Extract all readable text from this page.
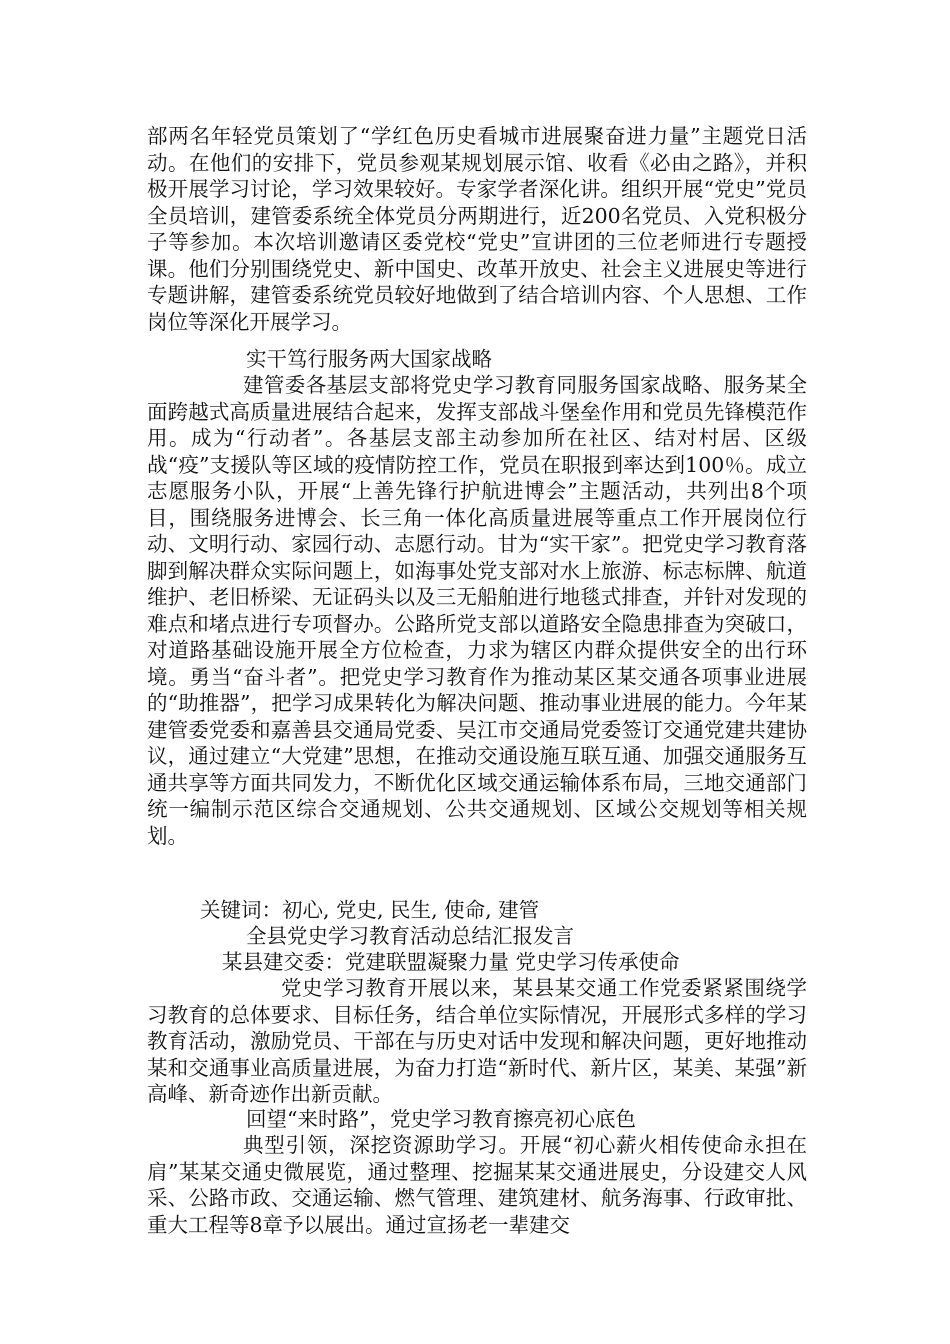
部两名年轻党员策划了“学红色历史看城市进展聚奋进力量”主题党日活动。在他们的安排下，党员参观某规划展示馆、收看《必由之路》，并积极开展学习讨论，学习效果较好。专家学者深化讲。组织开展“党史”党员全员培训，建管委系统全体党员分两期进行，近200名党员、入党积极分子等参加。本次培训邀请区委党校“党史”宣讲团的三位老师进行专题授课。他们分别围绕党史、新中国史、改革开放史、社会主义进展史等进行专题讲解，建管委系统党员较好地做到了结合培训内容、个人思想、工作岗位等深化开展学习。

实干笃行服务两大国家战略

建管委各基层支部将党史学习教育同服务国家战略、服务某全面跨越式高质量进展结合起来，发挥支部战斗堡垒作用和党员先锋模范作用。成为“行动者”。各基层支部主动参加所在社区、结对村居、区级战“疫”支援队等区域的疫情防控工作，党员在职报到率达到100％。成立志愿服务小队，开展“上善先锋行护航进博会”主题活动，共列出8个项目，围绕服务进博会、长三角一体化高质量进展等重点工作开展岗位行动、文明行动、家园行动、志愿行动。甘为“实干家”。把党史学习教育落脚到解决群众实际问题上，如海事处党支部对水上旅游、标志标牌、航道维护、老旧桥梁、无证码头以及三无船舶进行地毯式排查，并针对发现的难点和堵点进行专项督办。公路所党支部以道路安全隐患排查为突破口，对道路基础设施开展全方位检查，力求为辖区内群众提供安全的出行环境。勇当“奋斗者”。把党史学习教育作为推动某区某交通各项事业进展的“助推器”，把学习成果转化为解决问题、推动事业进展的能力。今年某建管委党委和嘉善县交通局党委、吴江市交通局党委签订交通党建共建协议，通过建立“大党建”思想，在推动交通设施互联互通、加强交通服务互通共享等方面共同发力，不断优化区域交通运输体系布局，三地交通部门统一编制示范区综合交通规划、公共交通规划、区域公交规划等相关规划。

关键词：初心, 党史, 民生, 使命, 建管
全县党史学习教育活动总结汇报发言
某县建交委：党建联盟凝聚力量 党史学习传承使命

党史学习教育开展以来，某县某交通工作党委紧紧围绕学习教育的总体要求、目标任务，结合单位实际情况，开展形式多样的学习教育活动，激励党员、干部在与历史对话中发现和解决问题，更好地推动某和交通事业高质量进展，为奋力打造“新时代、新片区，某美、某强”新高峰、新奇迹作出新贡献。

回望“来时路”，党史学习教育擦亮初心底色

典型引领，深挖资源助学习。开展“初心薪火相传使命永担在肩”某某交通史微展览，通过整理、挖掘某某交通进展史，分设建交人风采、公路市政、交通运输、燃气管理、建筑建材、航务海事、行政审批、重大工程等8章予以展出。通过宣扬老一辈建交
